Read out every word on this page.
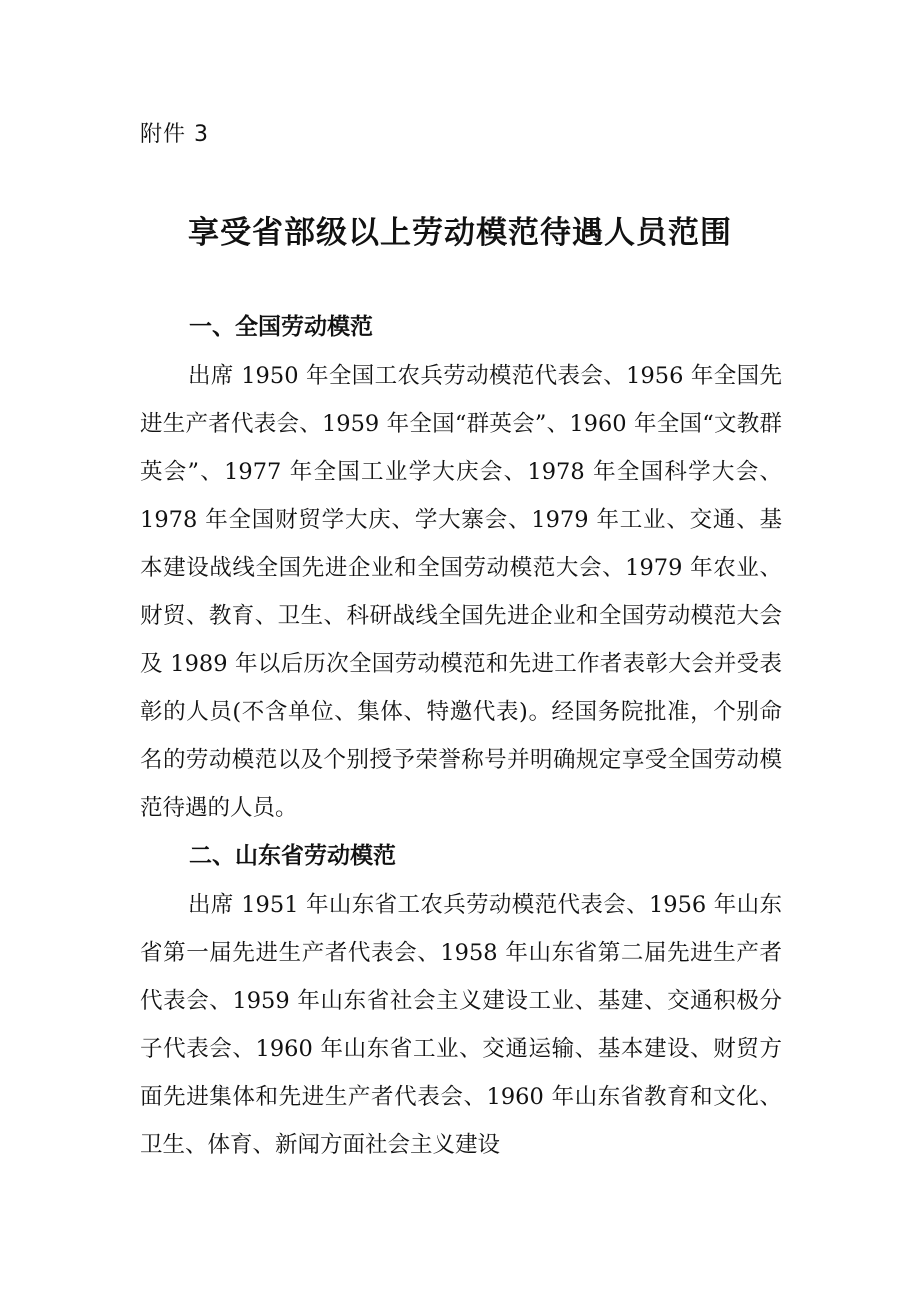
附件 3
享受省部级以上劳动模范待遇人员范围
一、全国劳动模范

出席 1950 年全国工农兵劳动模范代表会、1956 年全国先进生产者代表会、1959 年全国“群英会”、1960 年全国“文教群英会”、1977 年全国工业学大庆会、1978 年全国科学大会、1978 年全国财贸学大庆、学大寨会、1979 年工业、交通、基本建设战线全国先进企业和全国劳动模范大会、1979 年农业、财贸、教育、卫生、科研战线全国先进企业和全国劳动模范大会及 1989 年以后历次全国劳动模范和先进工作者表彰大会并受表彰的人员(不含单位、集体、特邀代表)。经国务院批准，个别命名的劳动模范以及个别授予荣誉称号并明确规定享受全国劳动模范待遇的人员。

二、山东省劳动模范

出席 1951 年山东省工农兵劳动模范代表会、1956 年山东省第一届先进生产者代表会、1958 年山东省第二届先进生产者代表会、1959 年山东省社会主义建设工业、基建、交通积极分子代表会、1960 年山东省工业、交通运输、基本建设、财贸方面先进集体和先进生产者代表会、1960 年山东省教育和文化、卫生、体育、新闻方面社会主义建设
